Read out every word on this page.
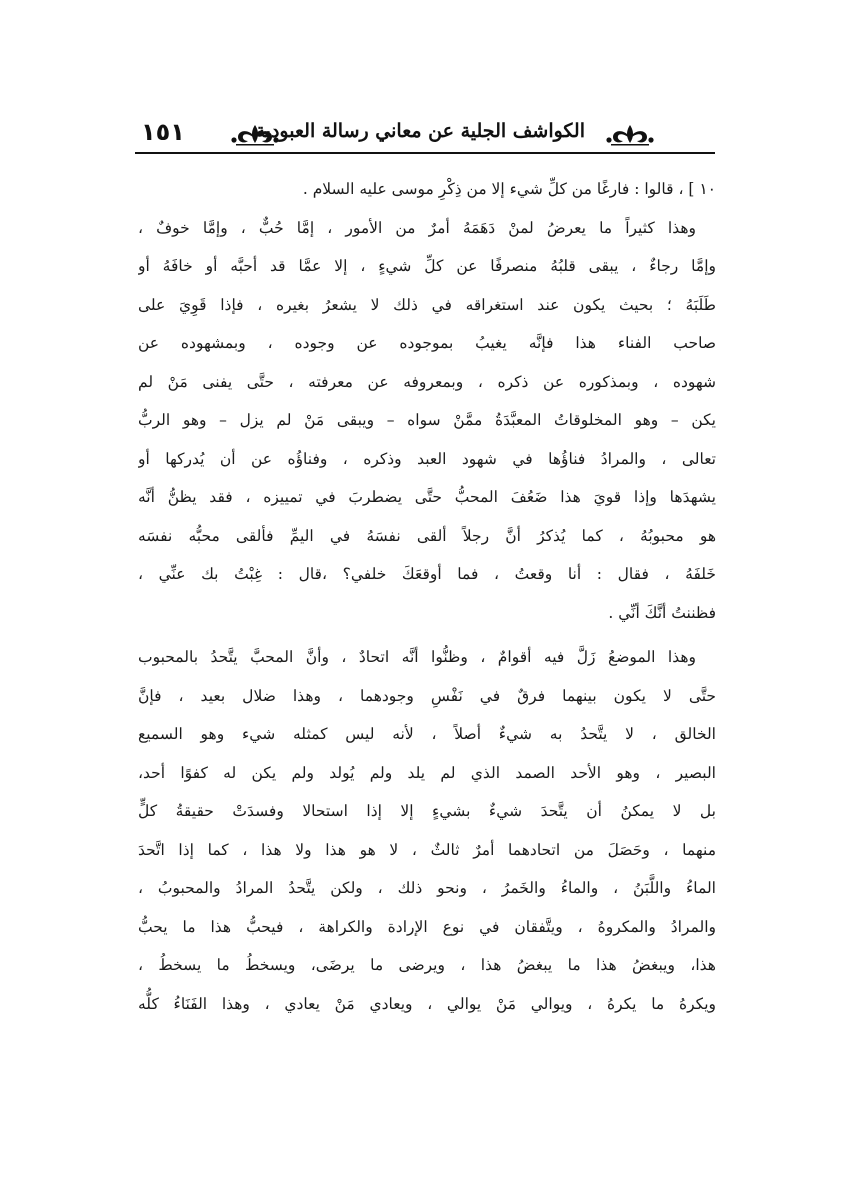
١٥١	الكواشف الجلية عن معاني رسالة العبودية
١٠ ] ، قالوا : فارغًا من كلِّ شيء إلا من ذِكْرِ موسى عليه السلام .
وهذا كثيراً ما يعرضُ لمنْ دَهَمَهُ أمرٌ من الأمور ، إمَّا حُبٌّ ، وإمَّا خوفٌ ،
وإمَّا رجاءٌ ، يبقى قلبُهُ منصرفًا عن كلِّ شيءٍ ، إلا عمَّا قد أحبَّه أو خافَهُ أو
طَلَبَهُ ؛ بحيث يكون عند استغراقه في ذلك لا يشعرُ بغيره ، فإذا قَوِيَ على
صاحب الفناء هذا فإنَّه يغيبُ بموجوده عن وجوده ، وبمشهوده عن
شهوده ، وبمذكوره عن ذكره ، وبمعروفه عن معرفته ، حتَّى يفنى مَنْ لم
يكن – وهو المخلوقاتُ المعبَّدَةُ ممَّنْ سواه – ويبقى مَنْ لم يزل – وهو الربُّ
تعالى ، والمرادُ فناؤُها في شهود العبد وذكره ، وفناؤُه عن أن يُدركها أو
يشهدَها وإذا قويَ هذا ضَعُفَ المحبُّ حتَّى يضطربَ في تمييزه ، فقد يظنُّ أنَّه
هو محبوبُهُ ، كما يُذكرُ أنَّ رجلاً ألقى نفسَهُ في اليمِّ فألقى محبُّه نفسَه
خَلفَهُ ، فقال : أنا وقعتُ ، فما أوقعَكَ خلفي؟ ،قال : غِبْتُ بك عنِّي ،
فظننتُ أنَّكَ أنِّي .
وهذا الموضعُ زَلَّ فيه أقوامٌ ، وظنُّوا أنَّه اتحادٌ ، وأنَّ المحبَّ يتَّحدُ بالمحبوب
حتَّى لا يكون بينهما فرقٌ في نَفْسِ وجودهما ، وهذا ضلال بعيد ، فإنَّ
الخالق ، لا يتَّحدُ به شيءٌ أصلاً ، لأنه ليس كمثله شيء وهو السميع
البصير ، وهو الأحد الصمد الذي لم يلد ولم يُولد ولم يكن له كفوًا أحد،
بل لا يمكنُ أن يتَّحدَ شيءٌ بشيءٍ إلا إذا استحالا وفسدَتْ حقيقةُ كلٍّ
منهما ، وحَصَلَ من اتحادهما أمرٌ ثالثٌ ، لا هو هذا ولا هذا ، كما إذا اتَّحدَ
الماءُ واللَّبَنُ ، والماءُ والخَمرُ ، ونحو ذلك ، ولكن يتَّحدُ المرادُ والمحبوبُ ،
والمرادُ والمكروهُ ، ويتَّفقان في نوع الإرادة والكراهة ، فيحبُّ هذا ما يحبُّ
هذا، ويبغضُ هذا ما يبغضُ هذا ، ويرضى ما يرضَى، ويسخطُ ما يسخطُ ،
ويكرهُ ما يكرهُ ، ويوالي مَنْ يوالي ، ويعادي مَنْ يعادي ، وهذا الفَنَاءُ كلُّه
